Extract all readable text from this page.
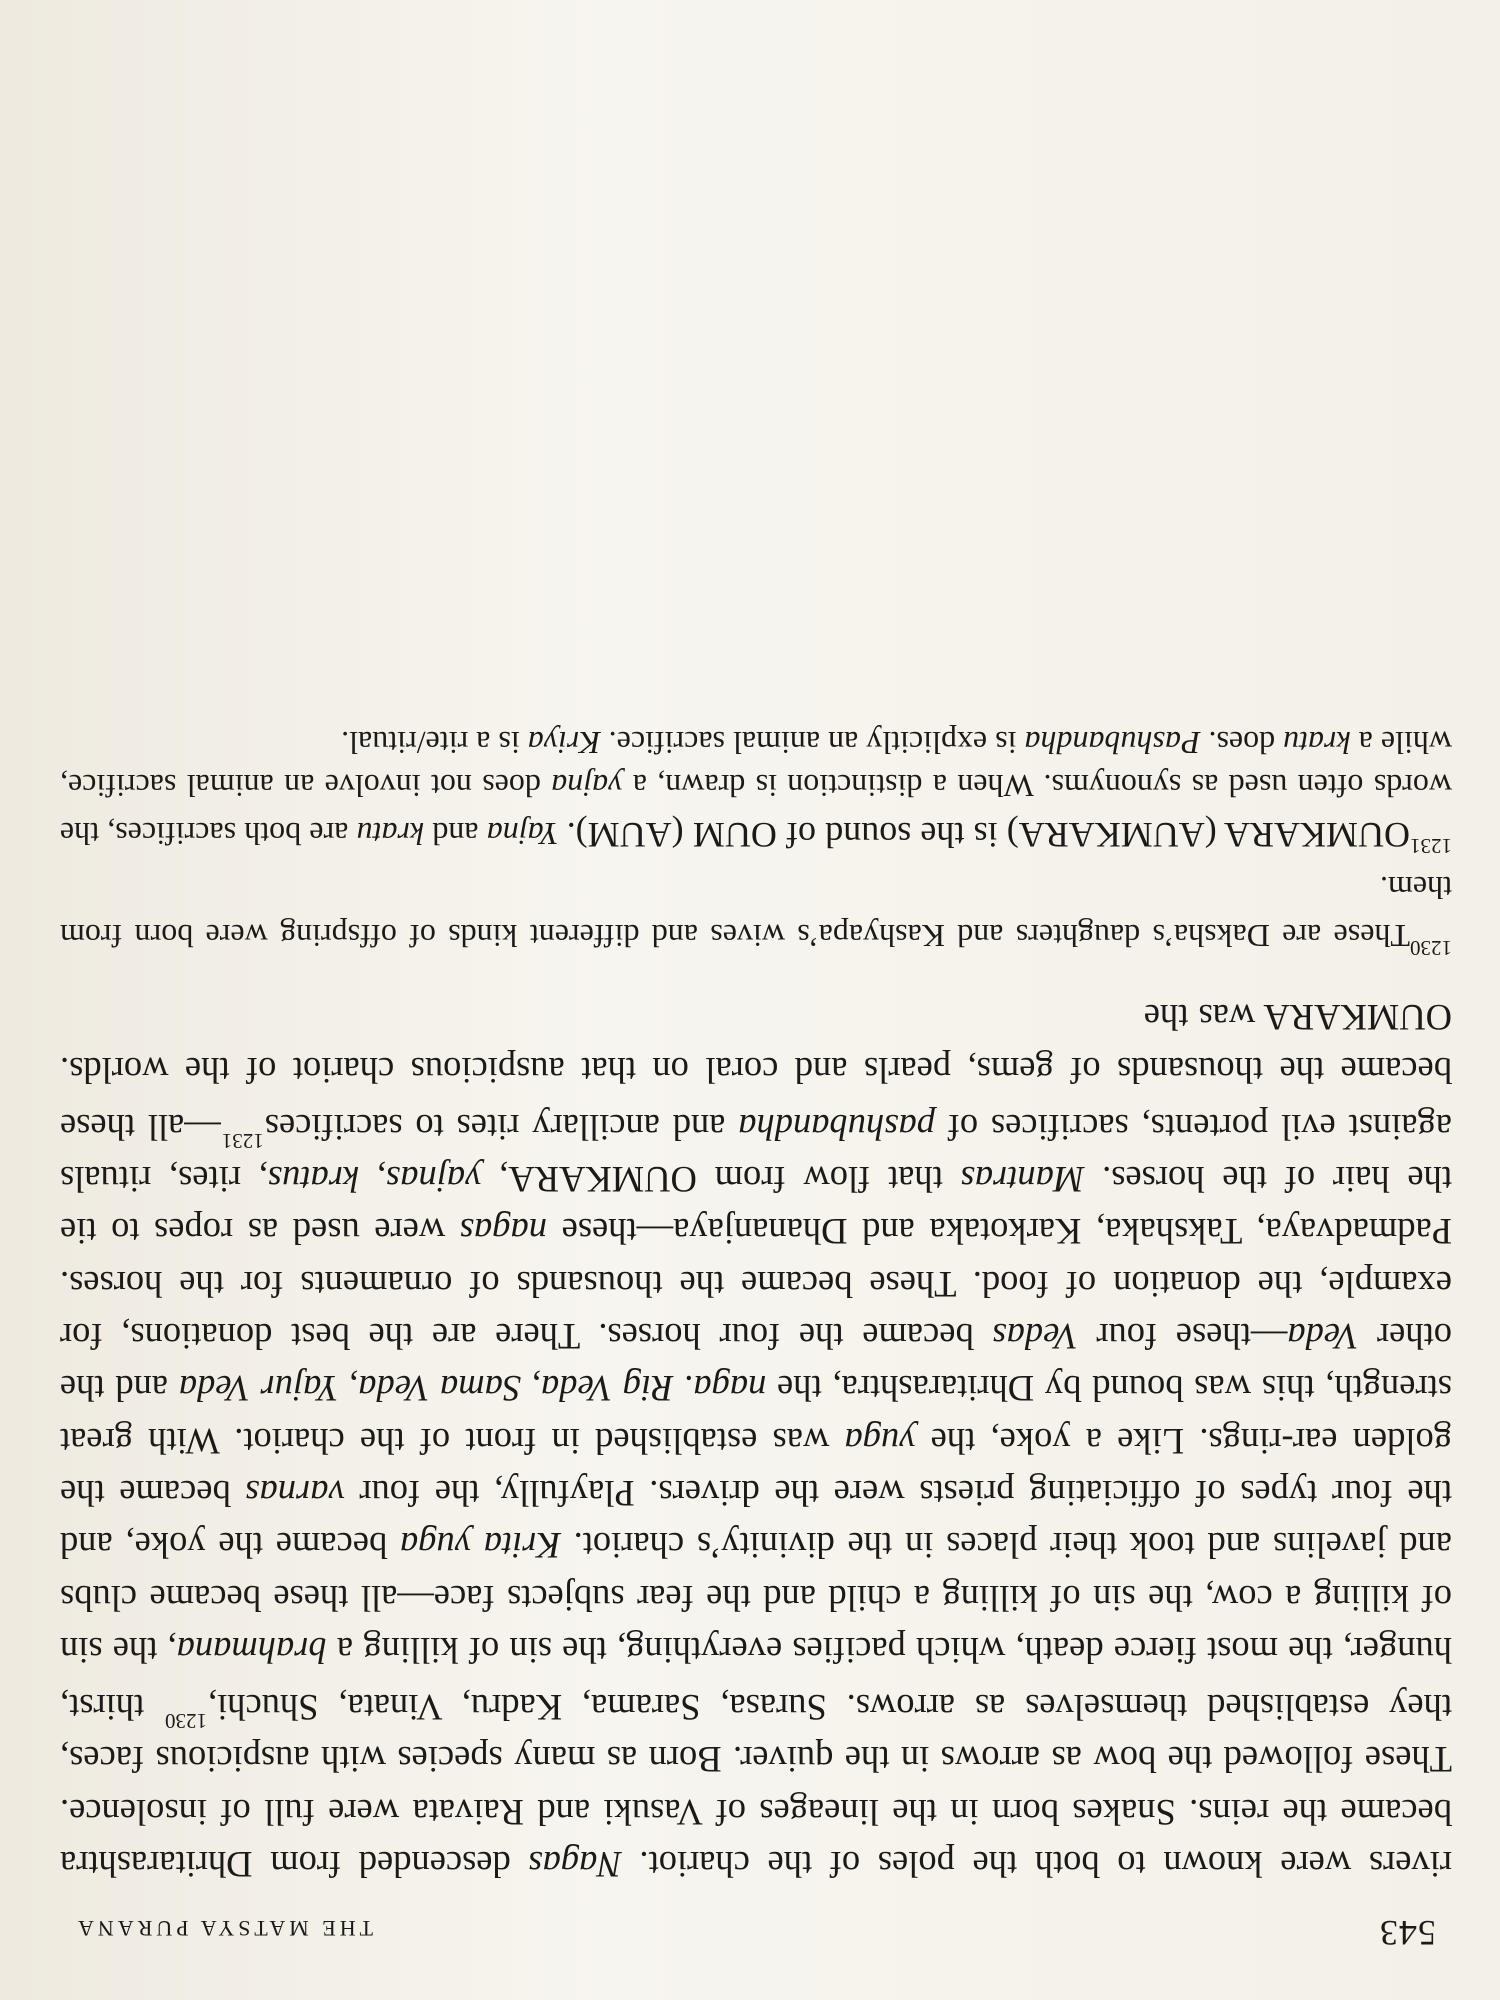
543
THE MATSYA PURANA

rivers were known to both the poles of the chariot. Nagas descended from Dhritarashtra became the reins. Snakes born in the lineages of Vasuki and Raivata were full of insolence. These followed the bow as arrows in the quiver. Born as many species with auspicious faces, they established themselves as arrows. Surasa, Sarama, Kadru, Vinata, Shuchi,$^{1230}$ thirst, hunger, the most fierce death, which pacifies everything, the sin of killing a brahmana, the sin of killing a cow, the sin of killing a child and the fear subjects face—all these became clubs and javelins and took their places in the divinity’s chariot. Krita yuga became the yoke, and the four types of officiating priests were the drivers. Playfully, the four varnas became the golden ear-rings. Like a yoke, the yuga was established in front of the chariot. With great strength, this was bound by Dhritarashtra, the naga. Rig Veda, Sama Veda, Yajur Veda and the other Veda—these four Vedas became the four horses. There are the best donations, for example, the donation of food. These became the thousands of ornaments for the horses. Padmadvaya, Takshaka, Karkotaka and Dhananjaya—these nagas were used as ropes to tie the hair of the horses. Mantras that flow from OUMKARA, yajnas, kratus, rites, rituals against evil portents, sacrifices of pashubandha and ancillary rites to sacrifices$^{1231}$—all these became the thousands of gems, pearls and coral on that auspicious chariot of the worlds. OUMKARA was the

$^{1230}$These are Daksha’s daughters and Kashyapa’s wives and different kinds of offspring were born from them.

$^{1231}$OUMKARA (AUMKARA) is the sound of OUM (AUM). Yajna and kratu are both sacrifices, the words often used as synonyms. When a distinction is drawn, a yajna does not involve an animal sacrifice, while a kratu does. Pashubandha is explicitly an animal sacrifice. Kriya is a rite/ritual.
